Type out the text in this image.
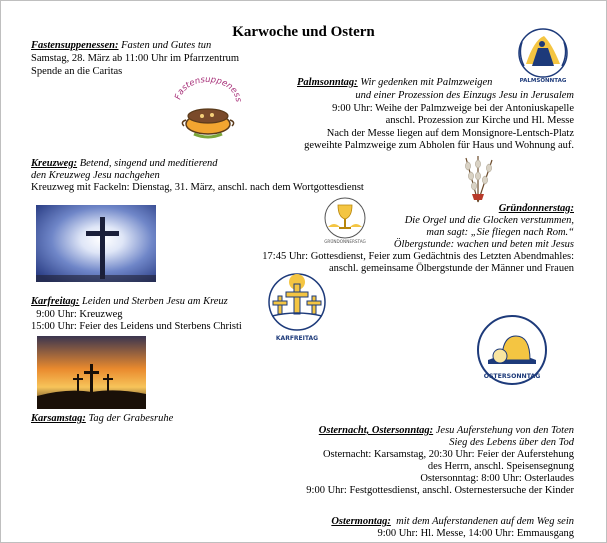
Karwoche und Ostern
Fastensuppenessen: Fasten und Gutes tun
Samstag, 28. März ab 11:00 Uhr im Pfarrzentrum
Spende an die Caritas
Fastensuppeness
PALMSONNTAG
Palmsonntag: Wir gedenken mit Palmzweigen
und einer Prozession des Einzugs Jesu in Jerusalem
9:00 Uhr: Weihe der Palmzweige bei der Antoniuskapelle
anschl. Prozession zur Kirche und Hl. Messe
Nach der Messe liegen auf dem Monsignore-Lentsch-Platz
geweihte Palmzweige zum Abholen für Haus und Wohnung auf.
Kreuzweg: Betend, singend und meditierend
den Kreuzweg Jesu nachgehen
Kreuzweg mit Fackeln: Dienstag, 31. März, anschl. nach dem Wortgottesdienst
GRÜNDONNERSTAG
Gründonnerstag:
Die Orgel und die Glocken verstummen,
man sagt: „Sie fliegen nach Rom.“
Ölbergstunde: wachen und beten mit Jesus
17:45 Uhr: Gottesdienst, Feier zum Gedächtnis des Letzten Abendmahles:
anschl. gemeinsame Ölbergstunde der Männer und Frauen
Karfreitag: Leiden und Sterben Jesu am Kreuz
9:00 Uhr: Kreuzweg
15:00 Uhr: Feier des Leidens und Sterbens Christi
KARFREITAG
OSTERSONNTAG
Karsamstag: Tag der Grabesruhe
Osternacht, Ostersonntag: Jesu Auferstehung von den Toten
Sieg des Lebens über den Tod
Osternacht: Karsamstag, 20:30 Uhr: Feier der Auferstehung
des Herrn, anschl. Speisensegnung
Ostersonntag: 8:00 Uhr: Osterlaudes
9:00 Uhr: Festgottesdienst, anschl. Osternestersuche der Kinder
Ostermontag:  mit dem Auferstandenen auf dem Weg sein
9:00 Uhr: Hl. Messe, 14:00 Uhr: Emmausgang
